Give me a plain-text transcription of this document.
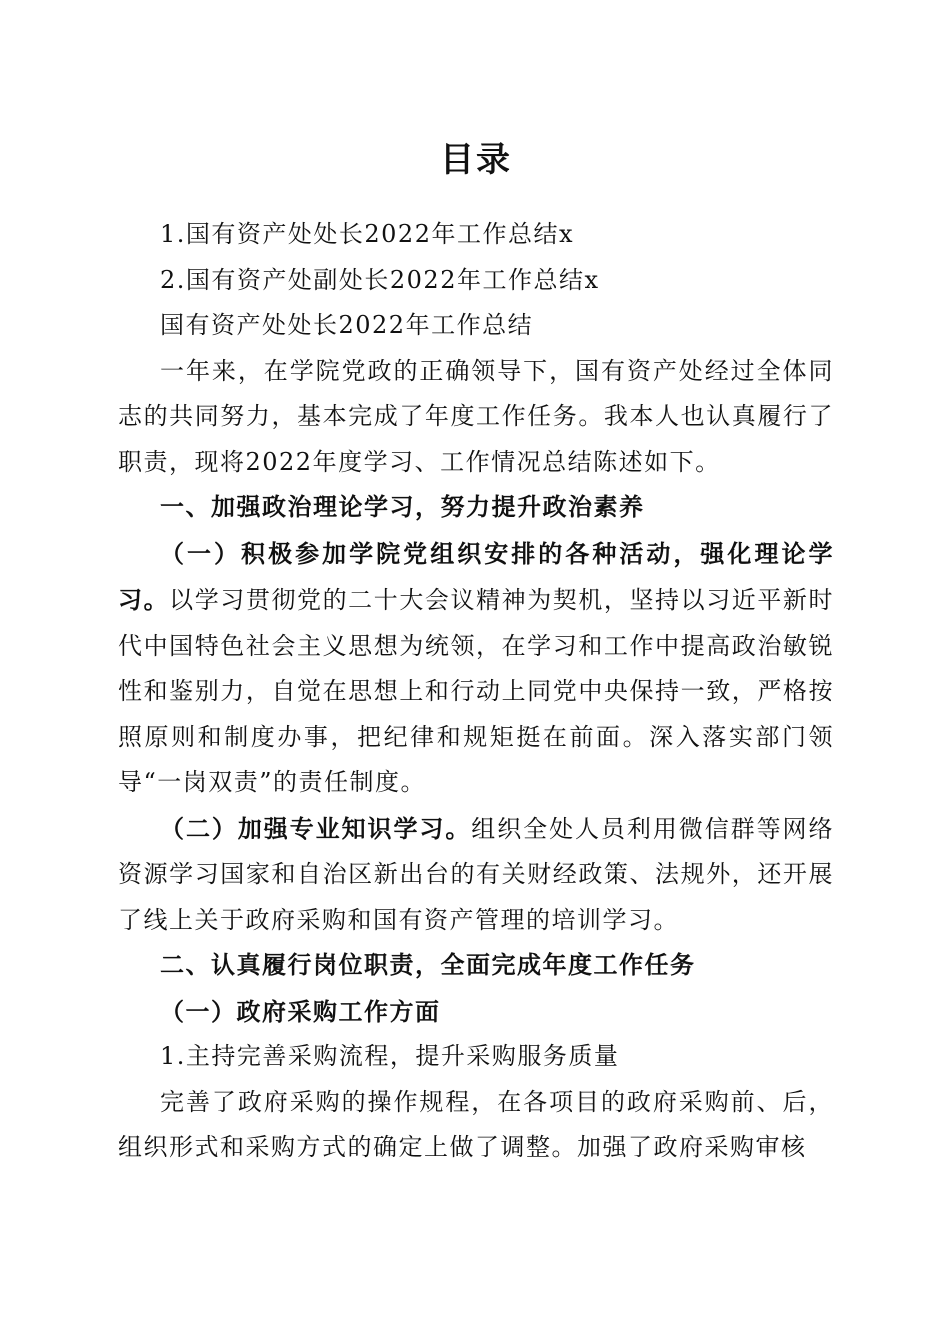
目录

1.国有资产处处长2022年工作总结x

2.国有资产处副处长2022年工作总结x

国有资产处处长2022年工作总结

一年来，在学院党政的正确领导下，国有资产处经过全体同志的共同努力，基本完成了年度工作任务。我本人也认真履行了职责，现将2022年度学习、工作情况总结陈述如下。

一、加强政治理论学习，努力提升政治素养

（一）积极参加学院党组织安排的各种活动，强化理论学习。以学习贯彻党的二十大会议精神为契机，坚持以习近平新时代中国特色社会主义思想为统领，在学习和工作中提高政治敏锐性和鉴别力，自觉在思想上和行动上同党中央保持一致，严格按照原则和制度办事，把纪律和规矩挺在前面。深入落实部门领导“一岗双责”的责任制度。

（二）加强专业知识学习。组织全处人员利用微信群等网络资源学习国家和自治区新出台的有关财经政策、法规外，还开展了线上关于政府采购和国有资产管理的培训学习。

二、认真履行岗位职责，全面完成年度工作任务

（一）政府采购工作方面

1.主持完善采购流程，提升采购服务质量

完善了政府采购的操作规程，在各项目的政府采购前、后，组织形式和采购方式的确定上做了调整。加强了政府采购审核
